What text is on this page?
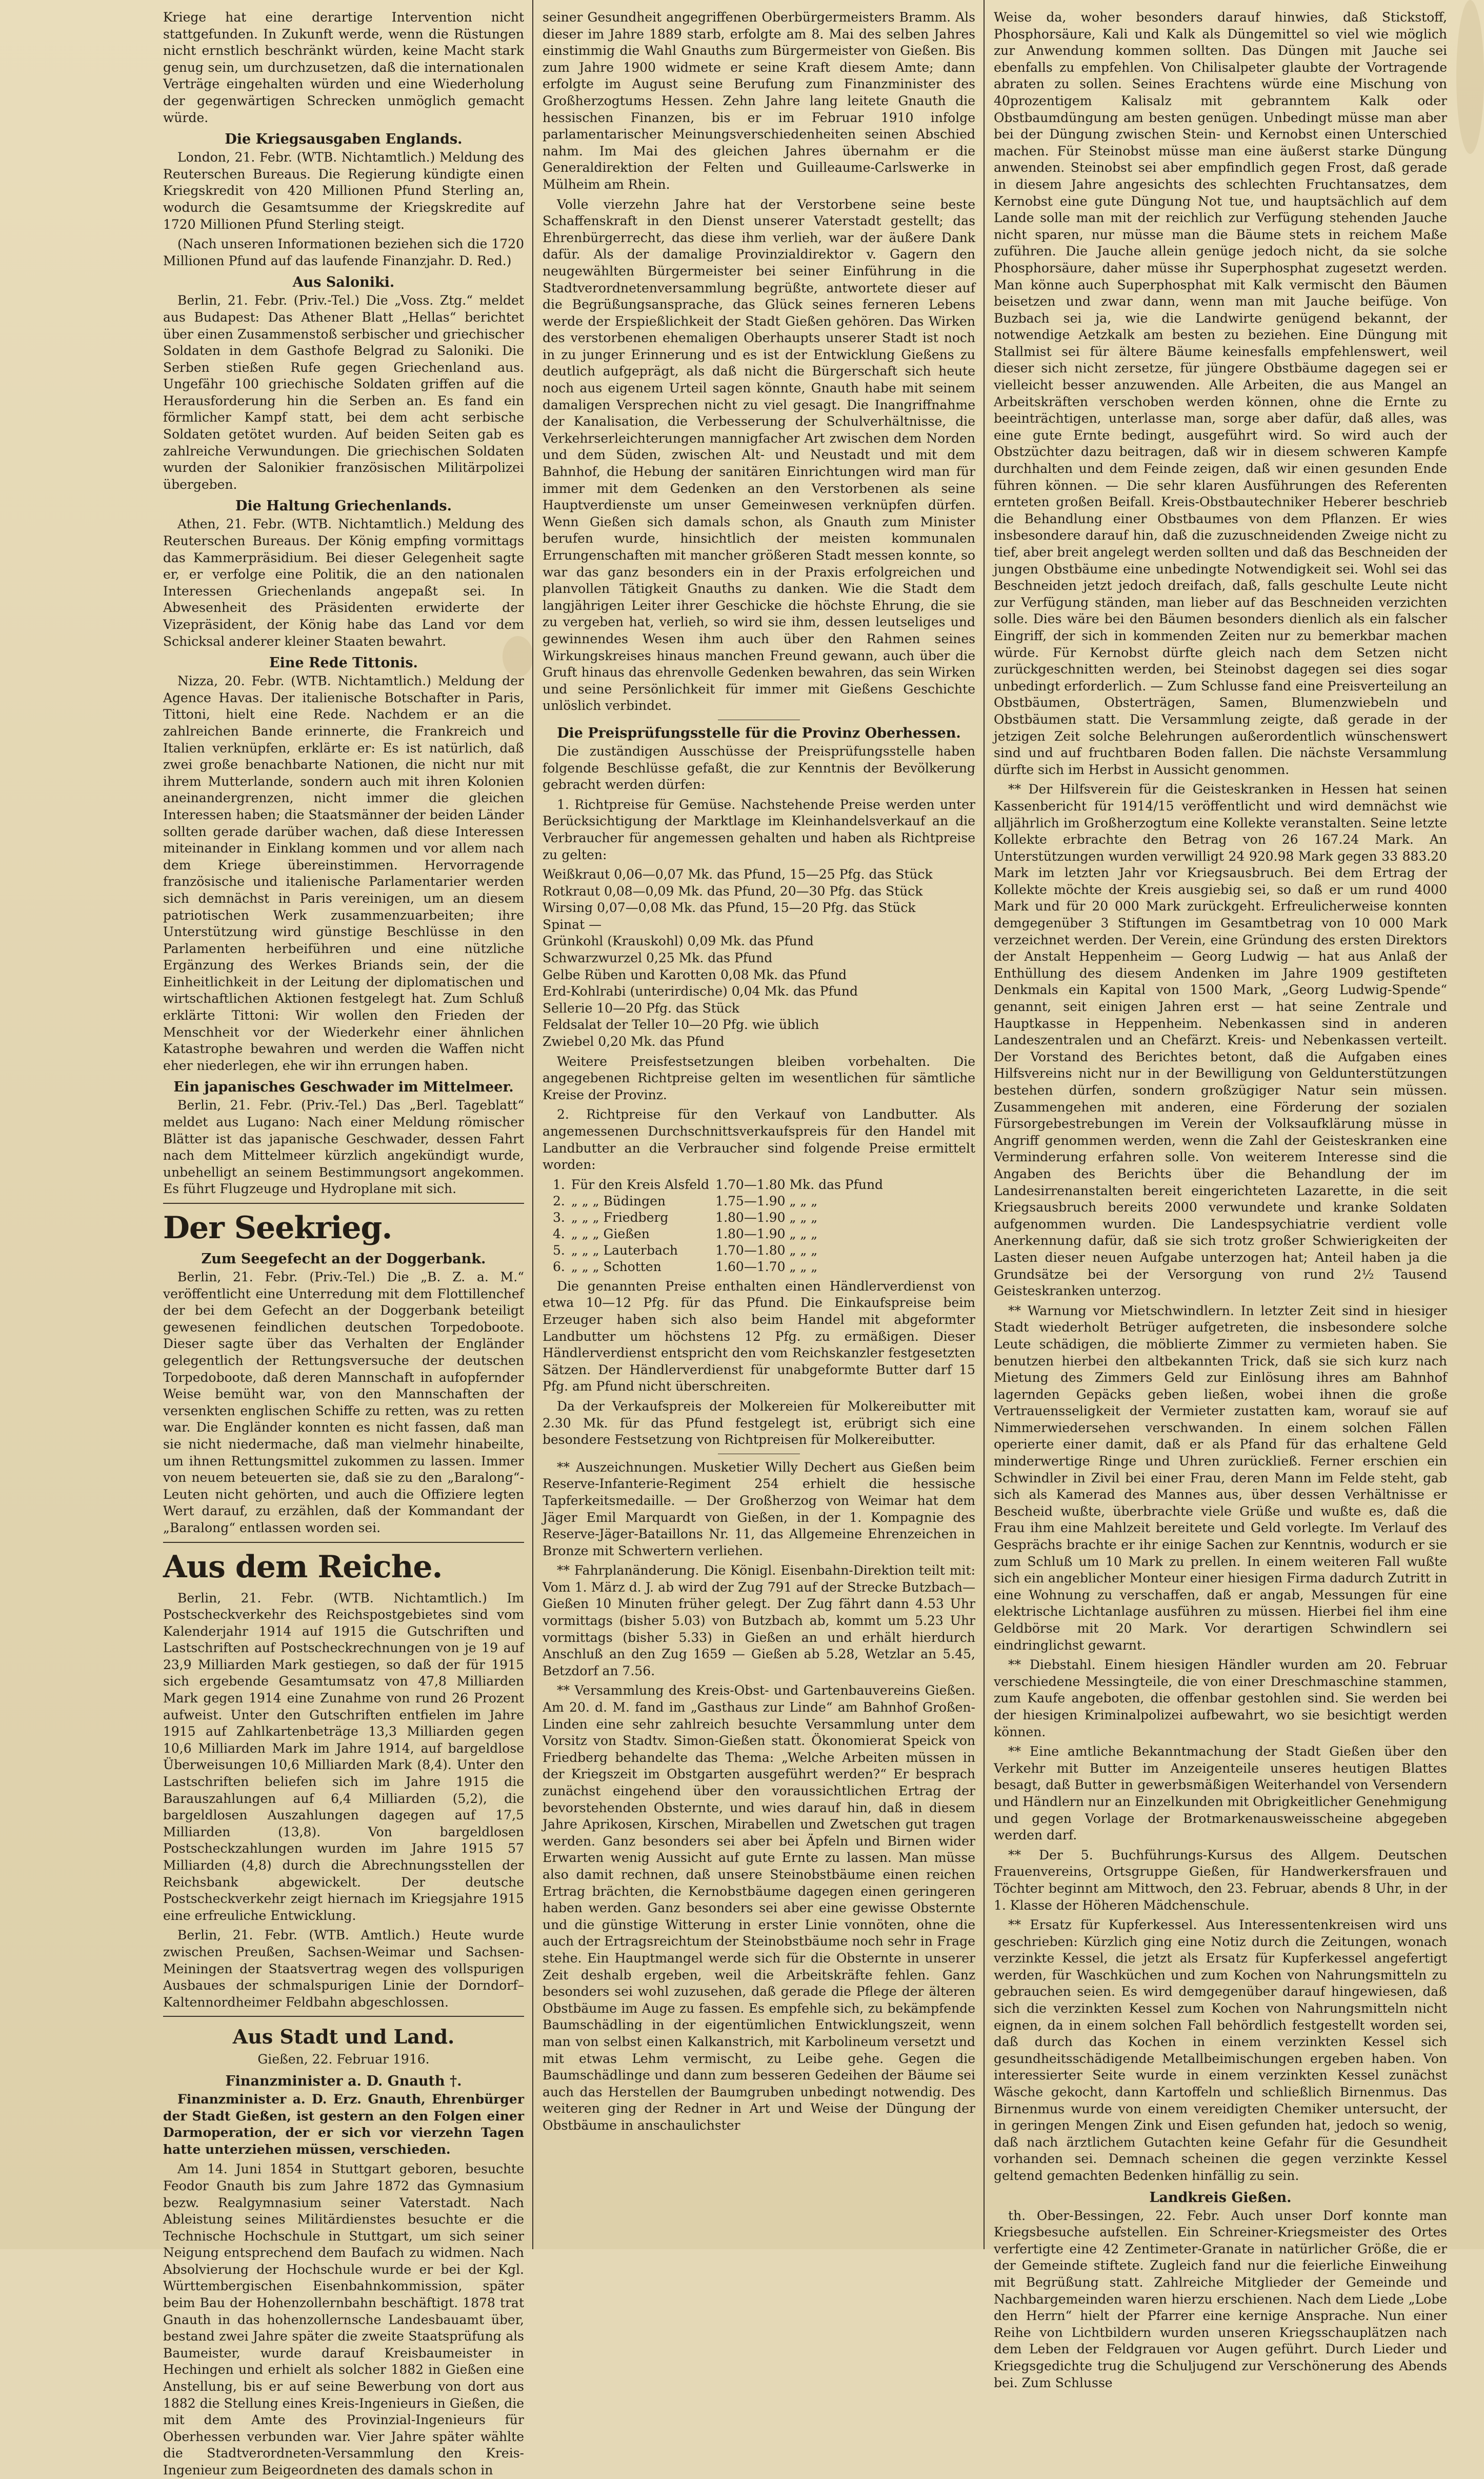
Kriege hat eine derartige Intervention nicht stattgefunden. In Zukunft werde, wenn die Rüstungen nicht ernstlich beschränkt würden, keine Macht stark genug sein, um durchzusetzen, daß die internationalen Verträge eingehalten würden und eine Wiederholung der gegenwärtigen Schrecken unmöglich gemacht würde.

Die Kriegsausgaben Englands.

London, 21. Febr. (WTB. Nichtamtlich.) Meldung des Reuterschen Bureaus. Die Regierung kündigte einen Kriegskredit von 420 Millionen Pfund Sterling an, wodurch die Gesamtsumme der Kriegskredite auf 1720 Millionen Pfund Sterling steigt.

(Nach unseren Informationen beziehen sich die 1720 Millionen Pfund auf das laufende Finanzjahr. D. Red.)

Aus Saloniki.

Berlin, 21. Febr. (Priv.-Tel.) Die „Voss. Ztg.“ meldet aus Budapest: Das Athener Blatt „Hellas“ berichtet über einen Zusammenstoß serbischer und griechischer Soldaten in dem Gasthofe Belgrad zu Saloniki. Die Serben stießen Rufe gegen Griechenland aus. Ungefähr 100 griechische Soldaten griffen auf die Herausforderung hin die Serben an. Es fand ein förmlicher Kampf statt, bei dem acht serbische Soldaten getötet wurden. Auf beiden Seiten gab es zahlreiche Verwundungen. Die griechischen Soldaten wurden der Salonikier französischen Militärpolizei übergeben.

Die Haltung Griechenlands.

Athen, 21. Febr. (WTB. Nichtamtlich.) Meldung des Reuterschen Bureaus. Der König empfing vormittags das Kammerpräsidium. Bei dieser Gelegenheit sagte er, er verfolge eine Politik, die an den nationalen Interessen Griechenlands angepaßt sei. In Abwesenheit des Präsidenten erwiderte der Vizepräsident, der König habe das Land vor dem Schicksal anderer kleiner Staaten bewahrt.

Eine Rede Tittonis.

Nizza, 20. Febr. (WTB. Nichtamtlich.) Meldung der Agence Havas. Der italienische Botschafter in Paris, Tittoni, hielt eine Rede. Nachdem er an die zahlreichen Bande erinnerte, die Frankreich und Italien verknüpfen, erklärte er: Es ist natürlich, daß zwei große benachbarte Nationen, die nicht nur mit ihrem Mutterlande, sondern auch mit ihren Kolonien aneinandergrenzen, nicht immer die gleichen Interessen haben; die Staatsmänner der beiden Länder sollten gerade darüber wachen, daß diese Interessen miteinander in Einklang kommen und vor allem nach dem Kriege übereinstimmen. Hervorragende französische und italienische Parlamentarier werden sich demnächst in Paris vereinigen, um an diesem patriotischen Werk zusammenzuarbeiten; ihre Unterstützung wird günstige Beschlüsse in den Parlamenten herbeiführen und eine nützliche Ergänzung des Werkes Briands sein, der die Einheitlichkeit in der Leitung der diplomatischen und wirtschaftlichen Aktionen festgelegt hat. Zum Schluß erklärte Tittoni: Wir wollen den Frieden der Menschheit vor der Wiederkehr einer ähnlichen Katastrophe bewahren und werden die Waffen nicht eher niederlegen, ehe wir ihn errungen haben.

Ein japanisches Geschwader im Mittelmeer.

Berlin, 21. Febr. (Priv.-Tel.) Das „Berl. Tageblatt“ meldet aus Lugano: Nach einer Meldung römischer Blätter ist das japanische Geschwader, dessen Fahrt nach dem Mittelmeer kürzlich angekündigt wurde, unbehelligt an seinem Bestimmungsort angekommen. Es führt Flugzeuge und Hydroplane mit sich.

Der Seekrieg.
Zum Seegefecht an der Doggerbank.

Berlin, 21. Febr. (Priv.-Tel.) Die „B. Z. a. M.“ veröffentlicht eine Unterredung mit dem Flottillenchef der bei dem Gefecht an der Doggerbank beteiligt gewesenen feindlichen deutschen Torpedoboote. Dieser sagte über das Verhalten der Engländer gelegentlich der Rettungsversuche der deutschen Torpedoboote, daß deren Mannschaft in aufopfernder Weise bemüht war, von den Mannschaften der versenkten englischen Schiffe zu retten, was zu retten war. Die Engländer konnten es nicht fassen, daß man sie nicht niedermache, daß man vielmehr hinabeilte, um ihnen Rettungsmittel zukommen zu lassen. Immer von neuem beteuerten sie, daß sie zu den „Baralong“-Leuten nicht gehörten, und auch die Offiziere legten Wert darauf, zu erzählen, daß der Kommandant der „Baralong“ entlassen worden sei.

Aus dem Reiche.

Berlin, 21. Febr. (WTB. Nichtamtlich.) Im Postscheckverkehr des Reichspostgebietes sind vom Kalenderjahr 1914 auf 1915 die Gutschriften und Lastschriften auf Postscheckrechnungen von je 19 auf 23,9 Milliarden Mark gestiegen, so daß der für 1915 sich ergebende Gesamtumsatz von 47,8 Milliarden Mark gegen 1914 eine Zunahme von rund 26 Prozent aufweist. Unter den Gutschriften entfielen im Jahre 1915 auf Zahlkartenbeträge 13,3 Milliarden gegen 10,6 Milliarden Mark im Jahre 1914, auf bargeldlose Überweisungen 10,6 Milliarden Mark (8,4). Unter den Lastschriften beliefen sich im Jahre 1915 die Barauszahlungen auf 6,4 Milliarden (5,2), die bargeldlosen Auszahlungen dagegen auf 17,5 Milliarden (13,8). Von bargeldlosen Postscheckzahlungen wurden im Jahre 1915 57 Milliarden (4,8) durch die Abrechnungsstellen der Reichsbank abgewickelt. Der deutsche Postscheckverkehr zeigt hiernach im Kriegsjahre 1915 eine erfreuliche Entwicklung.

Berlin, 21. Febr. (WTB. Amtlich.) Heute wurde zwischen Preußen, Sachsen-Weimar und Sachsen-Meiningen der Staatsvertrag wegen des vollspurigen Ausbaues der schmalspurigen Linie der Dorndorf–Kaltennordheimer Feldbahn abgeschlossen.

Aus Stadt und Land.

Gießen, 22. Februar 1916.

Finanzminister a. D. Gnauth †.

Finanzminister a. D. Erz. Gnauth, Ehrenbürger der Stadt Gießen, ist gestern an den Folgen einer Darmoperation, der er sich vor vierzehn Tagen hatte unterziehen müssen, verschieden.

Am 14. Juni 1854 in Stuttgart geboren, besuchte Feodor Gnauth bis zum Jahre 1872 das Gymnasium bezw. Realgymnasium seiner Vaterstadt. Nach Ableistung seines Militärdienstes besuchte er die Technische Hochschule in Stuttgart, um sich seiner Neigung entsprechend dem Baufach zu widmen. Nach Absolvierung der Hochschule wurde er bei der Kgl. Württembergischen Eisenbahnkommission, später beim Bau der Hohenzollernbahn beschäftigt. 1878 trat Gnauth in das hohenzollernsche Landesbauamt über, bestand zwei Jahre später die zweite Staatsprüfung als Baumeister, wurde darauf Kreisbaumeister in Hechingen und erhielt als solcher 1882 in Gießen eine Anstellung, bis er auf seine Bewerbung von dort aus 1882 die Stellung eines Kreis-Ingenieurs in Gießen, die mit dem Amte des Provinzial-Ingenieurs für Oberhessen verbunden war. Vier Jahre später wählte die Stadtverordneten-Versammlung den Kreis-Ingenieur zum Beigeordneten des damals schon in

seiner Gesundheit angegriffenen Oberbürgermeisters Bramm. Als dieser im Jahre 1889 starb, erfolgte am 8. Mai des selben Jahres einstimmig die Wahl Gnauths zum Bürgermeister von Gießen. Bis zum Jahre 1900 widmete er seine Kraft diesem Amte; dann erfolgte im August seine Berufung zum Finanzminister des Großherzogtums Hessen. Zehn Jahre lang leitete Gnauth die hessischen Finanzen, bis er im Februar 1910 infolge parlamentarischer Meinungsverschiedenheiten seinen Abschied nahm. Im Mai des gleichen Jahres übernahm er die Generaldirektion der Felten und Guilleaume-Carlswerke in Mülheim am Rhein.

Volle vierzehn Jahre hat der Verstorbene seine beste Schaffenskraft in den Dienst unserer Vaterstadt gestellt; das Ehrenbürgerrecht, das diese ihm verlieh, war der äußere Dank dafür. Als der damalige Provinzialdirektor v. Gagern den neugewählten Bürgermeister bei seiner Einführung in die Stadtverordnetenversammlung begrüßte, antwortete dieser auf die Begrüßungsansprache, das Glück seines ferneren Lebens werde der Erspießlichkeit der Stadt Gießen gehören. Das Wirken des verstorbenen ehemaligen Oberhaupts unserer Stadt ist noch in zu junger Erinnerung und es ist der Entwicklung Gießens zu deutlich aufgeprägt, als daß nicht die Bürgerschaft sich heute noch aus eigenem Urteil sagen könnte, Gnauth habe mit seinem damaligen Versprechen nicht zu viel gesagt. Die Inangriffnahme der Kanalisation, die Verbesserung der Schulverhältnisse, die Verkehrserleichterungen mannigfacher Art zwischen dem Norden und dem Süden, zwischen Alt- und Neustadt und mit dem Bahnhof, die Hebung der sanitären Einrichtungen wird man für immer mit dem Gedenken an den Verstorbenen als seine Hauptverdienste um unser Gemeinwesen verknüpfen dürfen. Wenn Gießen sich damals schon, als Gnauth zum Minister berufen wurde, hinsichtlich der meisten kommunalen Errungenschaften mit mancher größeren Stadt messen konnte, so war das ganz besonders ein in der Praxis erfolgreichen und planvollen Tätigkeit Gnauths zu danken. Wie die Stadt dem langjährigen Leiter ihrer Geschicke die höchste Ehrung, die sie zu vergeben hat, verlieh, so wird sie ihm, dessen leutseliges und gewinnendes Wesen ihm auch über den Rahmen seines Wirkungskreises hinaus manchen Freund gewann, auch über die Gruft hinaus das ehrenvolle Gedenken bewahren, das sein Wirken und seine Persönlichkeit für immer mit Gießens Geschichte unlöslich verbindet.

Die Preisprüfungsstelle für die Provinz Oberhessen.

Die zuständigen Ausschüsse der Preisprüfungsstelle haben folgende Beschlüsse gefaßt, die zur Kenntnis der Bevölkerung gebracht werden dürfen:

1. Richtpreise für Gemüse. Nachstehende Preise werden unter Berücksichtigung der Marktlage im Kleinhandelsverkauf an die Verbraucher für angemessen gehalten und haben als Richtpreise zu gelten:

Weißkraut 0,06—0,07 Mk. das Pfund, 15—25 Pfg. das Stück

Rotkraut 0,08—0,09 Mk. das Pfund, 20—30 Pfg. das Stück

Wirsing 0,07—0,08 Mk. das Pfund, 15—20 Pfg. das Stück

Spinat —

Grünkohl (Krauskohl) 0,09 Mk. das Pfund

Schwarzwurzel 0,25 Mk. das Pfund

Gelbe Rüben und Karotten 0,08 Mk. das Pfund

Erd-Kohlrabi (unterirdische) 0,04 Mk. das Pfund

Sellerie 10—20 Pfg. das Stück

Feldsalat der Teller 10—20 Pfg. wie üblich

Zwiebel 0,20 Mk. das Pfund

Weitere Preisfestsetzungen bleiben vorbehalten. Die angegebenen Richtpreise gelten im wesentlichen für sämtliche Kreise der Provinz.

2. Richtpreise für den Verkauf von Landbutter. Als angemessenen Durchschnittsverkaufspreis für den Handel mit Landbutter an die Verbraucher sind folgende Preise ermittelt worden:

1.	Für den Kreis Alsfeld	1.70—1.80 Mk. das Pfund
2.	„ „ „ Büdingen	1.75—1.90 „ „ „
3.	„ „ „ Friedberg	1.80—1.90 „ „ „
4.	„ „ „ Gießen	1.80—1.90 „ „ „
5.	„ „ „ Lauterbach	1.70—1.80 „ „ „
6.	„ „ „ Schotten	1.60—1.70 „ „ „

Die genannten Preise enthalten einen Händlerverdienst von etwa 10—12 Pfg. für das Pfund. Die Einkaufspreise beim Erzeuger haben sich also beim Handel mit abgeformter Landbutter um höchstens 12 Pfg. zu ermäßigen. Dieser Händlerverdienst entspricht den vom Reichskanzler festgesetzten Sätzen. Der Händlerverdienst für unabgeformte Butter darf 15 Pfg. am Pfund nicht überschreiten.

Da der Verkaufspreis der Molkereien für Molkereibutter mit 2.30 Mk. für das Pfund festgelegt ist, erübrigt sich eine besondere Festsetzung von Richtpreisen für Molkereibutter.

** Auszeichnungen. Musketier Willy Dechert aus Gießen beim Reserve-Infanterie-Regiment 254 erhielt die hessische Tapferkeitsmedaille. — Der Großherzog von Weimar hat dem Jäger Emil Marquardt von Gießen, in der 1. Kompagnie des Reserve-Jäger-Bataillons Nr. 11, das Allgemeine Ehrenzeichen in Bronze mit Schwertern verliehen.

** Fahrplanänderung. Die Königl. Eisenbahn-Direktion teilt mit: Vom 1. März d. J. ab wird der Zug 791 auf der Strecke Butzbach—Gießen 10 Minuten früher gelegt. Der Zug fährt dann 4.53 Uhr vormittags (bisher 5.03) von Butzbach ab, kommt um 5.23 Uhr vormittags (bisher 5.33) in Gießen an und erhält hierdurch Anschluß an den Zug 1659 — Gießen ab 5.28, Wetzlar an 5.45, Betzdorf an 7.56.

** Versammlung des Kreis-Obst- und Gartenbauvereins Gießen. Am 20. d. M. fand im „Gasthaus zur Linde“ am Bahnhof Großen-Linden eine sehr zahlreich besuchte Versammlung unter dem Vorsitz von Stadtv. Simon-Gießen statt. Ökonomierat Speick von Friedberg behandelte das Thema: „Welche Arbeiten müssen in der Kriegszeit im Obstgarten ausgeführt werden?“ Er besprach zunächst eingehend über den voraussichtlichen Ertrag der bevorstehenden Obsternte, und wies darauf hin, daß in diesem Jahre Aprikosen, Kirschen, Mirabellen und Zwetschen gut tragen werden. Ganz besonders sei aber bei Äpfeln und Birnen wider Erwarten wenig Aussicht auf gute Ernte zu lassen. Man müsse also damit rechnen, daß unsere Steinobstbäume einen reichen Ertrag brächten, die Kernobstbäume dagegen einen geringeren haben werden. Ganz besonders sei aber eine gewisse Obsternte und die günstige Witterung in erster Linie vonnöten, ohne die auch der Ertragsreichtum der Steinobstbäume noch sehr in Frage stehe. Ein Hauptmangel werde sich für die Obsternte in unserer Zeit deshalb ergeben, weil die Arbeitskräfte fehlen. Ganz besonders sei wohl zuzusehen, daß gerade die Pflege der älteren Obstbäume im Auge zu fassen. Es empfehle sich, zu bekämpfende Baumschädling in der eigentümlichen Entwicklungszeit, wenn man von selbst einen Kalkanstrich, mit Karbolineum versetzt und mit etwas Lehm vermischt, zu Leibe gehe. Gegen die Baumschädlinge und dann zum besseren Gedeihen der Bäume sei auch das Herstellen der Baumgruben unbedingt notwendig. Des weiteren ging der Redner in Art und Weise der Düngung der Obstbäume in anschaulichster

Weise da, woher besonders darauf hinwies, daß Stickstoff, Phosphorsäure, Kali und Kalk als Düngemittel so viel wie möglich zur Anwendung kommen sollten. Das Düngen mit Jauche sei ebenfalls zu empfehlen. Von Chilisalpeter glaubte der Vortragende abraten zu sollen. Seines Erachtens würde eine Mischung von 40prozentigem Kalisalz mit gebranntem Kalk oder Obstbaumdüngung am besten genügen. Unbedingt müsse man aber bei der Düngung zwischen Stein- und Kernobst einen Unterschied machen. Für Steinobst müsse man eine äußerst starke Düngung anwenden. Steinobst sei aber empfindlich gegen Frost, daß gerade in diesem Jahre angesichts des schlechten Fruchtansatzes, dem Kernobst eine gute Düngung Not tue, und hauptsächlich auf dem Lande solle man mit der reichlich zur Verfügung stehenden Jauche nicht sparen, nur müsse man die Bäume stets in reichem Maße zuführen. Die Jauche allein genüge jedoch nicht, da sie solche Phosphorsäure, daher müsse ihr Superphosphat zugesetzt werden. Man könne auch Superphosphat mit Kalk vermischt den Bäumen beisetzen und zwar dann, wenn man mit Jauche beifüge. Von Buzbach sei ja, wie die Landwirte genügend bekannt, der notwendige Aetzkalk am besten zu beziehen. Eine Düngung mit Stallmist sei für ältere Bäume keinesfalls empfehlenswert, weil dieser sich nicht zersetze, für jüngere Obstbäume dagegen sei er vielleicht besser anzuwenden. Alle Arbeiten, die aus Mangel an Arbeitskräften verschoben werden können, ohne die Ernte zu beeinträchtigen, unterlasse man, sorge aber dafür, daß alles, was eine gute Ernte bedingt, ausgeführt wird. So wird auch der Obstzüchter dazu beitragen, daß wir in diesem schweren Kampfe durchhalten und dem Feinde zeigen, daß wir einen gesunden Ende führen können. — Die sehr klaren Ausführungen des Referenten ernteten großen Beifall. Kreis-Obstbautechniker Heberer beschrieb die Behandlung einer Obstbaumes von dem Pflanzen. Er wies insbesondere darauf hin, daß die zuzuschneidenden Zweige nicht zu tief, aber breit angelegt werden sollten und daß das Beschneiden der jungen Obstbäume eine unbedingte Notwendigkeit sei. Wohl sei das Beschneiden jetzt jedoch dreifach, daß, falls geschulte Leute nicht zur Verfügung ständen, man lieber auf das Beschneiden verzichten solle. Dies wäre bei den Bäumen besonders dienlich als ein falscher Eingriff, der sich in kommenden Zeiten nur zu bemerkbar machen würde. Für Kernobst dürfte gleich nach dem Setzen nicht zurückgeschnitten werden, bei Steinobst dagegen sei dies sogar unbedingt erforderlich. — Zum Schlusse fand eine Preisverteilung an Obstbäumen, Obsterträgen, Samen, Blumenzwiebeln und Obstbäumen statt. Die Versammlung zeigte, daß gerade in der jetzigen Zeit solche Belehrungen außerordentlich wünschenswert sind und auf fruchtbaren Boden fallen. Die nächste Versammlung dürfte sich im Herbst in Aussicht genommen.

** Der Hilfsverein für die Geisteskranken in Hessen hat seinen Kassenbericht für 1914/15 veröffentlicht und wird demnächst wie alljährlich im Großherzogtum eine Kollekte veranstalten. Seine letzte Kollekte erbrachte den Betrag von 26 167.24 Mark. An Unterstützungen wurden verwilligt 24 920.98 Mark gegen 33 883.20 Mark im letzten Jahr vor Kriegsausbruch. Bei dem Ertrag der Kollekte möchte der Kreis ausgiebig sei, so daß er um rund 4000 Mark und für 20 000 Mark zurückgeht. Erfreulicherweise konnten demgegenüber 3 Stiftungen im Gesamtbetrag von 10 000 Mark verzeichnet werden. Der Verein, eine Gründung des ersten Direktors der Anstalt Heppenheim — Georg Ludwig — hat aus Anlaß der Enthüllung des diesem Andenken im Jahre 1909 gestifteten Denkmals ein Kapital von 1500 Mark, „Georg Ludwig-Spende“ genannt, seit einigen Jahren erst — hat seine Zentrale und Hauptkasse in Heppenheim. Nebenkassen sind in anderen Landeszentralen und an Chefärzt. Kreis- und Nebenkassen verteilt. Der Vorstand des Berichtes betont, daß die Aufgaben eines Hilfsvereins nicht nur in der Bewilligung von Geldunterstützungen bestehen dürfen, sondern großzügiger Natur sein müssen. Zusammengehen mit anderen, eine Förderung der sozialen Fürsorgebestrebungen im Verein der Volksaufklärung müsse in Angriff genommen werden, wenn die Zahl der Geisteskranken eine Verminderung erfahren solle. Von weiterem Interesse sind die Angaben des Berichts über die Behandlung der im Landesirrenanstalten bereit eingerichteten Lazarette, in die seit Kriegsausbruch bereits 2000 verwundete und kranke Soldaten aufgenommen wurden. Die Landespsychiatrie verdient volle Anerkennung dafür, daß sie sich trotz großer Schwierigkeiten der Lasten dieser neuen Aufgabe unterzogen hat; Anteil haben ja die Grundsätze bei der Versorgung von rund 2½ Tausend Geisteskranken unterzog.

** Warnung vor Mietschwindlern. In letzter Zeit sind in hiesiger Stadt wiederholt Betrüger aufgetreten, die insbesondere solche Leute schädigen, die möblierte Zimmer zu vermieten haben. Sie benutzen hierbei den altbekannten Trick, daß sie sich kurz nach Mietung des Zimmers Geld zur Einlösung ihres am Bahnhof lagernden Gepäcks geben ließen, wobei ihnen die große Vertrauensseligkeit der Vermieter zustatten kam, worauf sie auf Nimmerwiedersehen verschwanden. In einem solchen Fällen operierte einer damit, daß er als Pfand für das erhaltene Geld minderwertige Ringe und Uhren zurückließ. Ferner erschien ein Schwindler in Zivil bei einer Frau, deren Mann im Felde steht, gab sich als Kamerad des Mannes aus, über dessen Verhältnisse er Bescheid wußte, überbrachte viele Grüße und wußte es, daß die Frau ihm eine Mahlzeit bereitete und Geld vorlegte. Im Verlauf des Gesprächs brachte er ihr einige Sachen zur Kenntnis, wodurch er sie zum Schluß um 10 Mark zu prellen. In einem weiteren Fall wußte sich ein angeblicher Monteur einer hiesigen Firma dadurch Zutritt in eine Wohnung zu verschaffen, daß er angab, Messungen für eine elektrische Lichtanlage ausführen zu müssen. Hierbei fiel ihm eine Geldbörse mit 20 Mark. Vor derartigen Schwindlern sei eindringlichst gewarnt.

** Diebstahl. Einem hiesigen Händler wurden am 20. Februar verschiedene Messingteile, die von einer Dreschmaschine stammen, zum Kaufe angeboten, die offenbar gestohlen sind. Sie werden bei der hiesigen Kriminalpolizei aufbewahrt, wo sie besichtigt werden können.

** Eine amtliche Bekanntmachung der Stadt Gießen über den Verkehr mit Butter im Anzeigenteile unseres heutigen Blattes besagt, daß Butter in gewerbsmäßigen Weiterhandel von Versendern und Händlern nur an Einzelkunden mit Obrigkeitlicher Genehmigung und gegen Vorlage der Brotmarkenausweisscheine abgegeben werden darf.

** Der 5. Buchführungs-Kursus des Allgem. Deutschen Frauenvereins, Ortsgruppe Gießen, für Handwerkersfrauen und Töchter beginnt am Mittwoch, den 23. Februar, abends 8 Uhr, in der 1. Klasse der Höheren Mädchenschule.

** Ersatz für Kupferkessel. Aus Interessentenkreisen wird uns geschrieben: Kürzlich ging eine Notiz durch die Zeitungen, wonach verzinkte Kessel, die jetzt als Ersatz für Kupferkessel angefertigt werden, für Waschküchen und zum Kochen von Nahrungsmitteln zu gebrauchen seien. Es wird demgegenüber darauf hingewiesen, daß sich die verzinkten Kessel zum Kochen von Nahrungsmitteln nicht eignen, da in einem solchen Fall behördlich festgestellt worden sei, daß durch das Kochen in einem verzinkten Kessel sich gesundheitsschädigende Metallbeimischungen ergeben haben. Von interessierter Seite wurde in einem verzinkten Kessel zunächst Wäsche gekocht, dann Kartoffeln und schließlich Birnenmus. Das Birnenmus wurde von einem vereidigten Chemiker untersucht, der in geringen Mengen Zink und Eisen gefunden hat, jedoch so wenig, daß nach ärztlichem Gutachten keine Gefahr für die Gesundheit vorhanden sei. Demnach scheinen die gegen verzinkte Kessel geltend gemachten Bedenken hinfällig zu sein.

Landkreis Gießen.

th. Ober-Bessingen, 22. Febr. Auch unser Dorf konnte man Kriegsbesuche aufstellen. Ein Schreiner-Kriegsmeister des Ortes verfertigte eine 42 Zentimeter-Granate in natürlicher Größe, die er der Gemeinde stiftete. Zugleich fand nur die feierliche Einweihung mit Begrüßung statt. Zahlreiche Mitglieder der Gemeinde und Nachbargemeinden waren hierzu erschienen. Nach dem Liede „Lobe den Herrn“ hielt der Pfarrer eine kernige Ansprache. Nun einer Reihe von Lichtbildern wurden unseren Kriegsschauplätzen nach dem Leben der Feldgrauen vor Augen geführt. Durch Lieder und Kriegsgedichte trug die Schuljugend zur Verschönerung des Abends bei. Zum Schlusse
